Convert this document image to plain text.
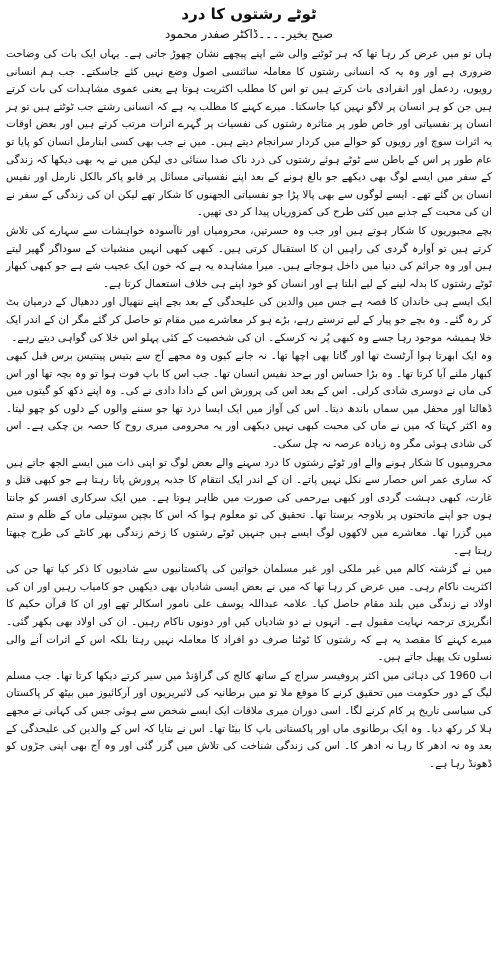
ٹوٹے رشتوں کا درد
صبح بخیر۔۔۔۔ڈاکٹر صفدر محمود

ہاں تو میں عرض کر رہا تھا کہ ہر ٹوٹنے والی شے اپنے پیچھے نشان چھوڑ جاتی ہے۔ یہاں ایک بات کی وضاحت ضروری ہے اور وہ یہ کہ انسانی رشتوں کا معاملہ سائنسی اصول وضع نہیں کئے جاسکتے۔ جب ہم انسانی رویوں، ردعمل اور انفرادی بات کرتے ہیں تو اس کا مطلب اکثریت ہوتا ہے یعنی عموی مشاہدات کی بات کرتے ہیں جن کو ہر انسان پر لاگو نہیں کیا جاسکتا۔ میرے کہنے کا مطلب یہ ہے کہ انسانی رشتے جب ٹوٹتے ہیں تو ہر انسان پر نفسیاتی اور خاص طور پر متاثرہ رشتوں کی نفسیات پر گہرے اثرات مرتب کرتے ہیں اور بعض اوقات یہ اثرات سوچ اور رویوں کو حوالے میں کردار سرانجام دیتے ہیں۔ میں نے جب بھی کسی ابنارمل انسان کو پایا تو عام طور پر اس کے باطن سے ٹوٹے ہوئے رشتوں کی درد ناک صدا سنائی دی لیکن میں نے یہ بھی دیکھا کہ زندگی کے سفر میں ایسے لوگ بھی دیکھے جو بالغ ہونے کے بعد اپنے نفسیاتی مسائل پر قابو پاکر بالکل نارمل اور نفیس انسان بن گئے تھے۔ ایسے لوگوں سے بھی پالا پڑا جو نفسیاتی الجھنوں کا شکار تھے لیکن ان کی زندگی کے سفر نے ان کی محبت کے جذبے میں کئی طرح کی کمزوریاں پیدا کر دی تھیں۔

بچے مجبوریوں کا شکار ہوتے ہیں اور جب وہ حسرتیں، محرومیاں اور ناآسودہ خواہشات سے سہارے کی تلاش کرتے ہیں تو آوارہ گردی کی راہیں ان کا استقبال کرتی ہیں۔ کبھی کبھی انہیں منشیات کے سوداگر گھیر لیتے ہیں اور وہ جرائم کی دنیا میں داخل ہوجاتے ہیں۔ میرا مشاہدہ یہ ہے کہ خون ایک عجیب شے ہے جو کبھی کبھار ٹوٹے رشتوں کا بدلہ لینے کے لیے ابلتا ہے اور انسان کو خود اپنے ہی خلاف استعمال کرتا ہے۔

ایک ایسے ہی خاندان کا قصہ ہے جس میں والدین کی علیحدگی کے بعد بچے اپنے ننھیال اور ددھیال کے درمیان بٹ کر رہ گئے۔ وہ بچے جو پیار کے لیے ترستے رہے، بڑے ہو کر معاشرے میں مقام تو حاصل کر گئے مگر ان کے اندر ایک خلا ہمیشہ موجود رہا جسے وہ کبھی پُر نہ کرسکے۔ ان کی شخصیت کے کئی پہلو اس خلا کی گواہی دیتے رہے۔

وہ ایک ابھرتا ہوا آرٹسٹ تھا اور گاتا بھی اچھا تھا۔ نہ جانے کیوں وہ مجھے آج سے بتیس پینتیس برس قبل کبھی کبھار ملنے آیا کرتا تھا۔ وہ بڑا حساس اور بےحد نفیس انسان تھا۔ جب اس کا باپ فوت ہوا تو وہ بچہ تھا اور اس کی ماں نے دوسری شادی کرلی۔ اس کے بعد اس کی پرورش اس کے دادا دادی نے کی۔ وہ اپنے دکھ کو گیتوں میں ڈھالتا اور محفل میں سماں باندھ دیتا۔ اس کی آواز میں ایک ایسا درد تھا جو سننے والوں کے دلوں کو چھو لیتا۔ وہ اکثر کہتا کہ میں نے ماں کی محبت کبھی نہیں دیکھی اور یہ محرومی میری روح کا حصہ بن چکی ہے۔ اس کی شادی ہوئی مگر وہ زیادہ عرصہ نہ چل سکی۔

محرومیوں کا شکار ہونے والے اور ٹوٹے رشتوں کا درد سہنے والے بعض لوگ تو اپنی ذات میں ایسے الجھ جاتے ہیں کہ ساری عمر اس حصار سے نکل نہیں پاتے۔ ان کے اندر ایک انتقام کا جذبہ پرورش پاتا رہتا ہے جو کبھی قتل و غارت، کبھی دہشت گردی اور کبھی بےرحمی کی صورت میں ظاہر ہوتا ہے۔ میں ایک سرکاری افسر کو جانتا ہوں جو اپنے ماتحتوں پر بلاوجہ برستا تھا۔ تحقیق کی تو معلوم ہوا کہ اس کا بچپن سوتیلی ماں کے ظلم و ستم میں گزرا تھا۔ معاشرے میں لاکھوں لوگ ایسے ہیں جنہیں ٹوٹے رشتوں کا زخم زندگی بھر کانٹے کی طرح چبھتا رہتا ہے۔

میں نے گزشتہ کالم میں غیر ملکی اور غیر مسلمان خواتین کی پاکستانیوں سے شادیوں کا ذکر کیا تھا جن کی اکثریت ناکام رہی۔ میں عرض کر رہا تھا کہ میں نے بعض ایسی شادیاں بھی دیکھیں جو کامیاب رہیں اور ان کی اولاد نے زندگی میں بلند مقام حاصل کیا۔ علامہ عبداللہ یوسف علی نامور اسکالر تھے اور ان کا قرآن حکیم کا انگریزی ترجمہ نہایت مقبول ہے۔ انہوں نے دو شادیاں کیں اور دونوں ناکام رہیں۔ ان کی اولاد بھی بکھر گئی۔ میرے کہنے کا مقصد یہ ہے کہ رشتوں کا ٹوٹنا صرف دو افراد کا معاملہ نہیں رہتا بلکہ اس کے اثرات آنے والی نسلوں تک پھیل جاتے ہیں۔

اب 1960 کی دہائی میں اکثر پروفیسر سراج کے ساتھ کالج کی گراؤنڈ میں سیر کرتے دیکھا کرتا تھا۔ جب مسلم لیگ کے دور حکومت میں تحقیق کرنے کا موقع ملا تو میں برطانیہ کی لائبریریوں اور آرکائیوز میں بیٹھ کر پاکستان کی سیاسی تاریخ پر کام کرنے لگا۔ اسی دوران میری ملاقات ایک ایسے شخص سے ہوئی جس کی کہانی نے مجھے ہلا کر رکھ دیا۔ وہ ایک برطانوی ماں اور پاکستانی باپ کا بیٹا تھا۔ اس نے بتایا کہ اس کے والدین کی علیحدگی کے بعد وہ نہ ادھر کا رہا نہ ادھر کا۔ اس کی زندگی شناخت کی تلاش میں گزر گئی اور وہ آج بھی اپنی جڑوں کو ڈھونڈ رہا ہے۔
